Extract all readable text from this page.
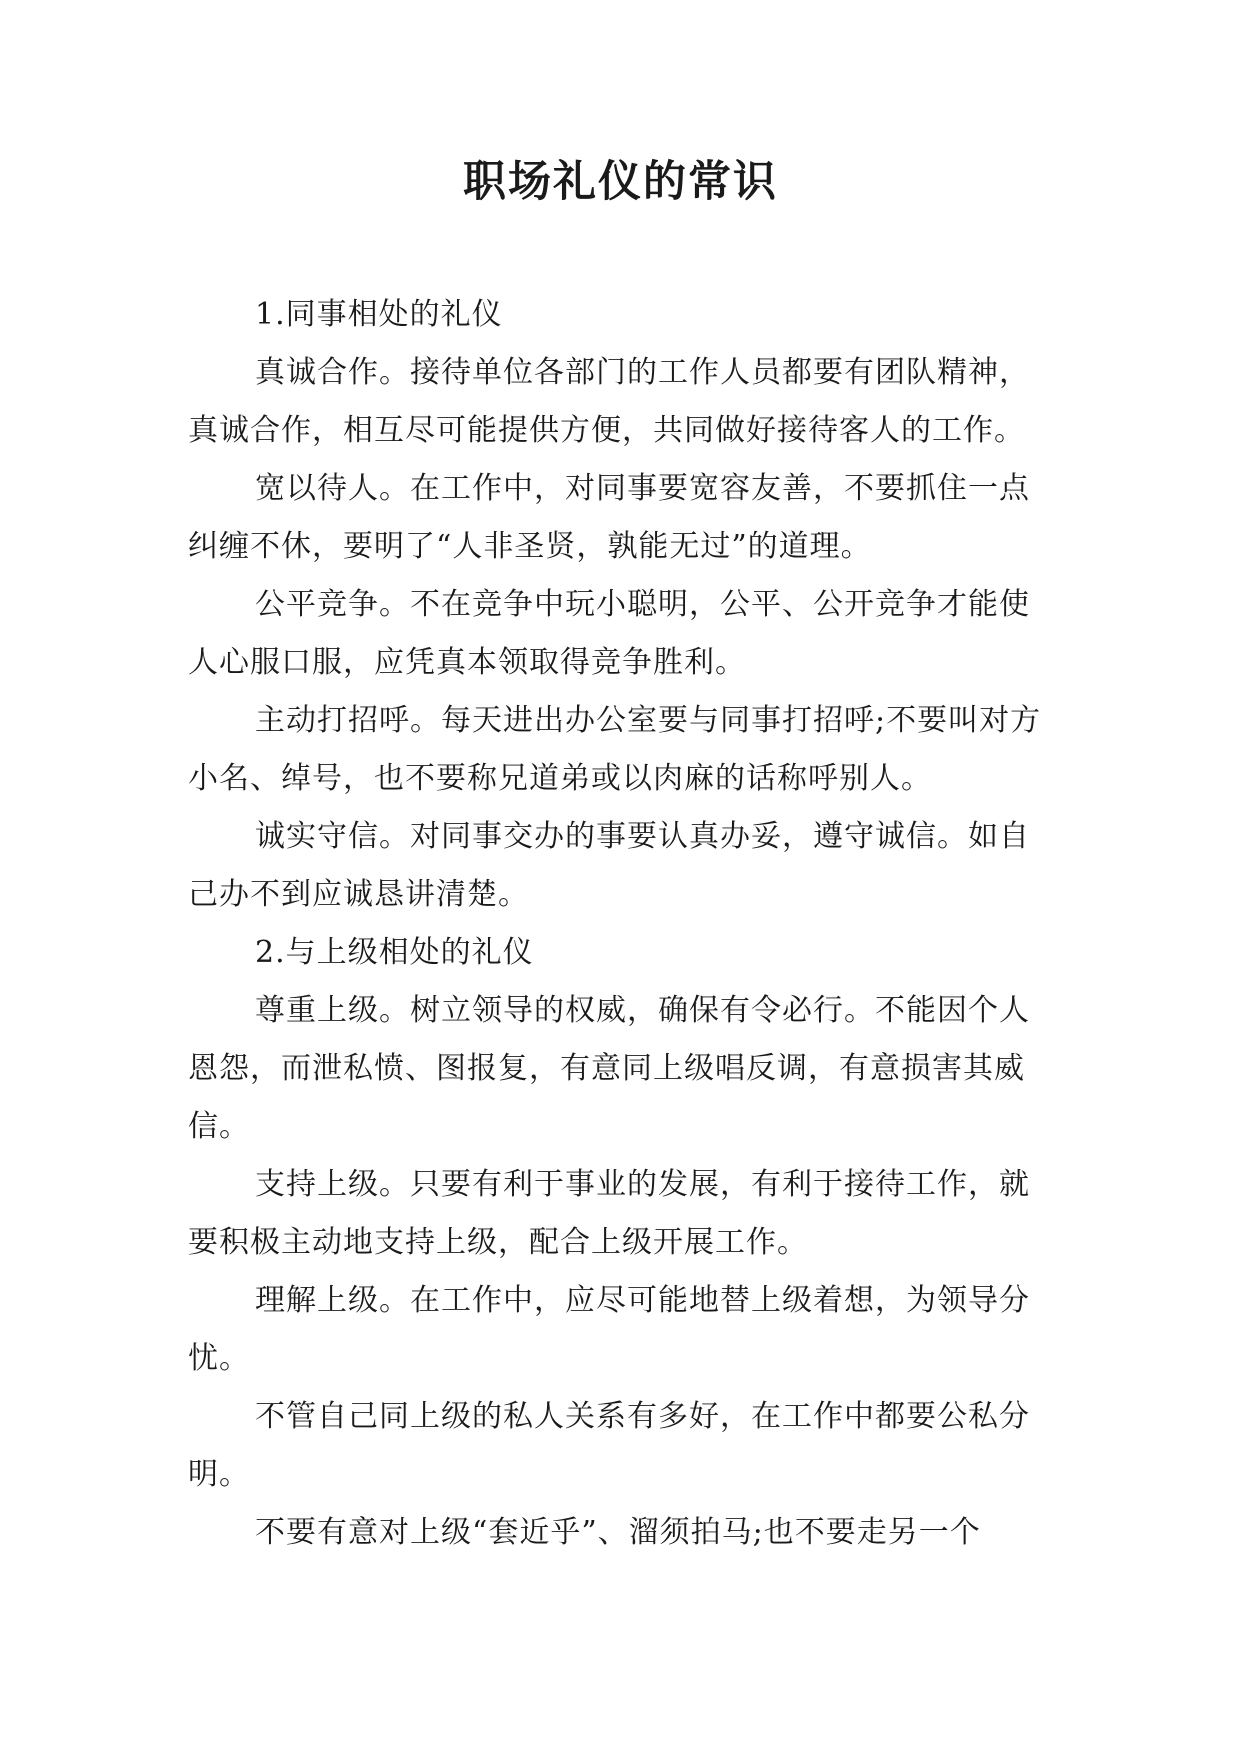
职场礼仪的常识

1.同事相处的礼仪

真诚合作。接待单位各部门的工作人员都要有团队精神，真诚合作，相互尽可能提供方便，共同做好接待客人的工作。

宽以待人。在工作中，对同事要宽容友善，不要抓住一点纠缠不休，要明了“人非圣贤，孰能无过”的道理。

公平竞争。不在竞争中玩小聪明，公平、公开竞争才能使人心服口服，应凭真本领取得竞争胜利。

主动打招呼。每天进出办公室要与同事打招呼;不要叫对方小名、绰号，也不要称兄道弟或以肉麻的话称呼别人。

诚实守信。对同事交办的事要认真办妥，遵守诚信。如自己办不到应诚恳讲清楚。

2.与上级相处的礼仪

尊重上级。树立领导的权威，确保有令必行。不能因个人恩怨，而泄私愤、图报复，有意同上级唱反调，有意损害其威信。

支持上级。只要有利于事业的发展，有利于接待工作，就要积极主动地支持上级，配合上级开展工作。

理解上级。在工作中，应尽可能地替上级着想，为领导分忧。

不管自己同上级的私人关系有多好，在工作中都要公私分明。

不要有意对上级“套近乎”、溜须拍马;也不要走另一个
